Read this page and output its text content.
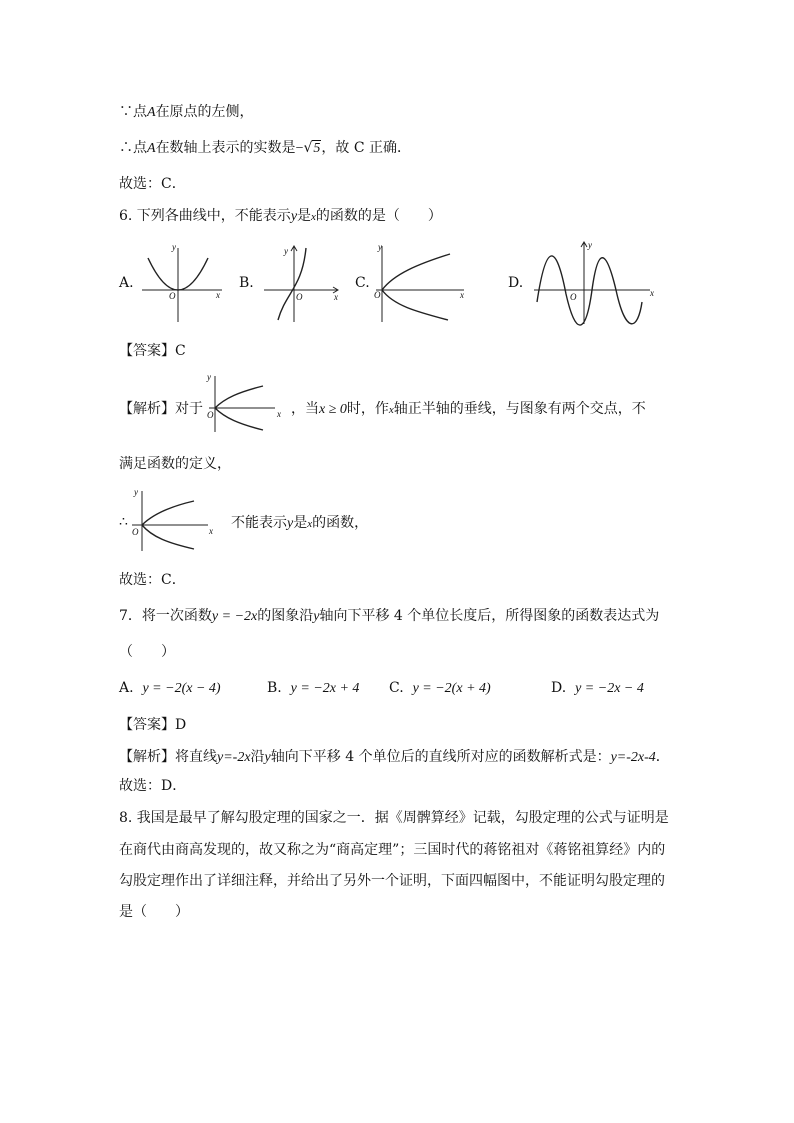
∵点A在原点的左侧，
∴点A在数轴上表示的实数是−√5，故 C 正确．
故选：C．
6. 下列各曲线中，不能表示y是x的函数的是（　　）
A.
y
x
O
B.
y
x
O
C.
y
x
O
D.
y
x
O
【答案】C
【解析】对于	，当x ≥ 0时，作x轴正半轴的垂线，与图象有两个交点，不
y
x
O
满足函数的定义，
∴
y
x
O
不能表示y是x的函数，
故选：C．
7．将一次函数y = −2x的图象沿y轴向下平移 4 个单位长度后，所得图象的函数表达式为
（　　）
A. y = −2(x − 4)	B. y = −2x + 4 C. y = −2(x + 4)	D. y = −2x − 4
【答案】D
【解析】将直线y=-2x沿y轴向下平移 4 个单位后的直线所对应的函数解析式是：y=-2x-4．
故选：D．
8. 我国是最早了解勾股定理的国家之一．据《周髀算经》记载，勾股定理的公式与证明是
在商代由商高发现的，故又称之为“商高定理”；三国时代的蒋铭祖对《蒋铭祖算经》内的
勾股定理作出了详细注释，并给出了另外一个证明，下面四幅图中，不能证明勾股定理的
是（　　）
